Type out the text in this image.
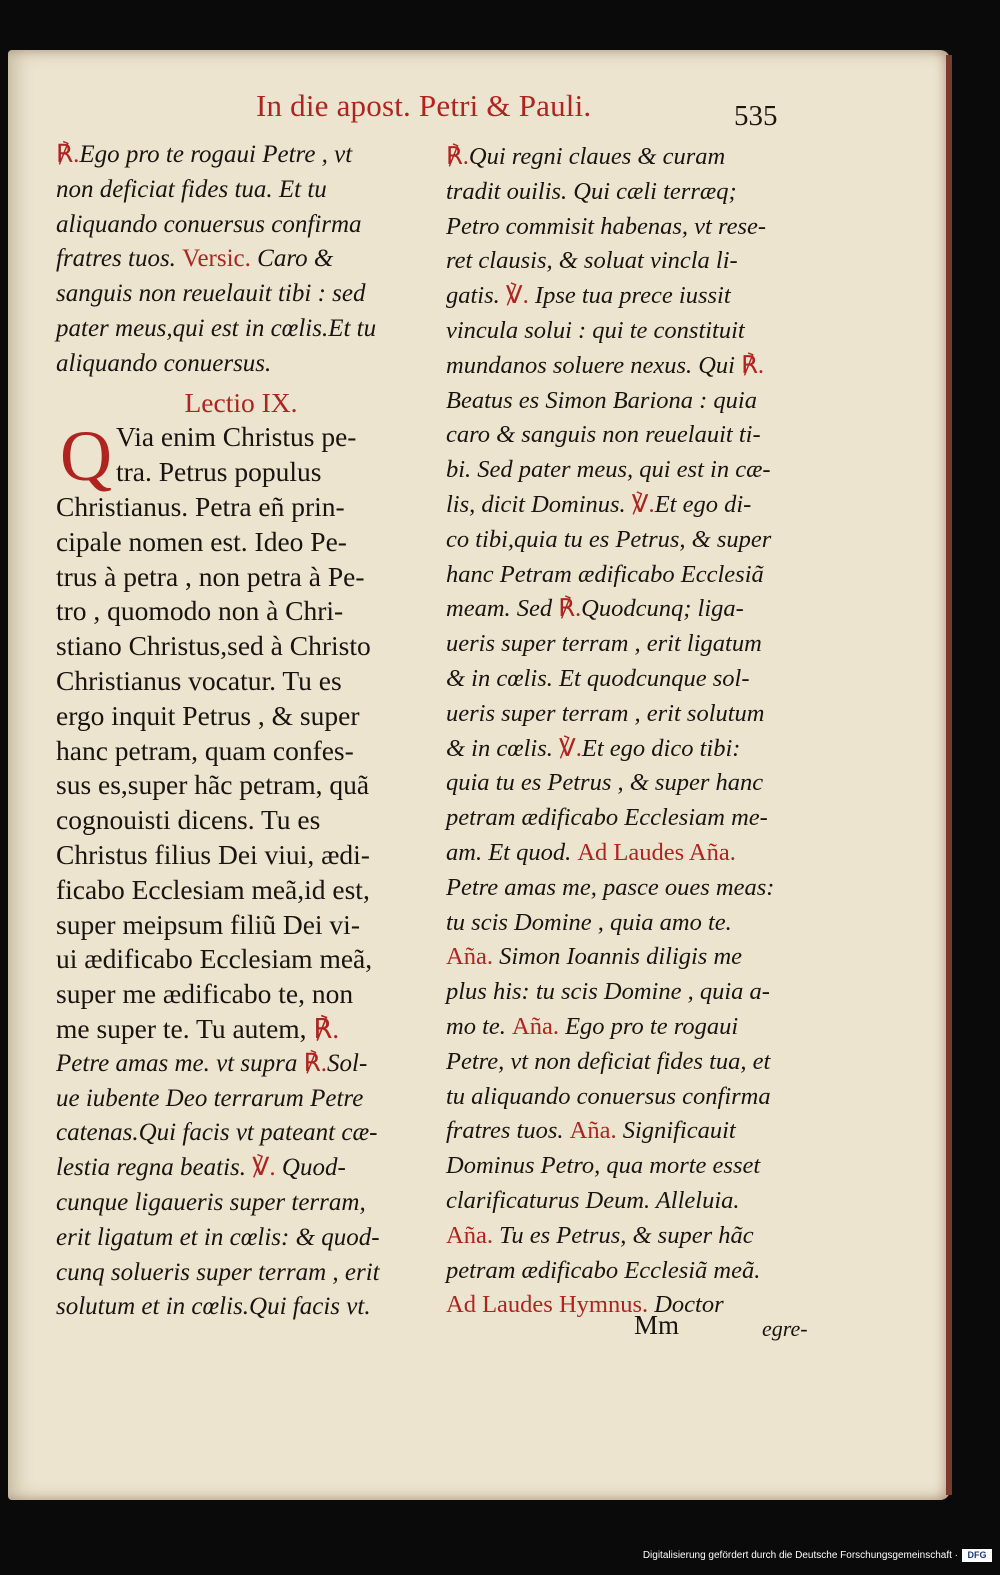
In die apost. Petri & Pauli.	535
℟.Ego pro te rogaui Petre , vt
non deficiat fides tua. Et tu
aliquando conuersus confirma
fratres tuos. Versic. Caro &
sanguis non reuelauit tibi : sed
pater meus,qui est in cœlis.Et tu
aliquando conuersus.
Lectio IX.
Q Via enim Christus pe-
tra. Petrus populus
Christianus. Petra eñ prin-
cipale nomen est. Ideo Pe-
trus à petra , non petra à Pe-
tro , quomodo non à Chri-
stiano Christus,sed à Christo
Christianus vocatur. Tu es
ergo inquit Petrus , & super
hanc petram, quam confes-
sus es,super hãc petram, quã
cognouisti dicens. Tu es
Christus filius Dei viui, ædi-
ficabo Ecclesiam meã,id est,
super meipsum filiũ Dei vi-
ui ædificabo Ecclesiam meã,
super me ædificabo te, non
me super te. Tu autem, ℟.
Petre amas me. vt supra ℟.Sol-
ue iubente Deo terrarum Petre
catenas.Qui facis vt pateant cæ-
lestia regna beatis. ℣. Quod-
cunque ligaueris super terram,
erit ligatum et in cœlis: & quod-
cunq solueris super terram , erit
solutum et in cœlis.Qui facis vt.
℟.Qui regni claues & curam
tradit ouilis. Qui cæli terræq;
Petro commisit habenas, vt rese-
ret clausis, & soluat vincla li-
gatis. ℣. Ipse tua prece iussit
vincula solui : qui te constituit
mundanos soluere nexus. Qui ℟.
Beatus es Simon Bariona : quia
caro & sanguis non reuelauit ti-
bi. Sed pater meus, qui est in cæ-
lis, dicit Dominus. ℣.Et ego di-
co tibi,quia tu es Petrus, & super
hanc Petram ædificabo Ecclesiã
meam. Sed ℟.Quodcunq; liga-
ueris super terram , erit ligatum
& in cœlis. Et quodcunque sol-
ueris super terram , erit solutum
& in cœlis. ℣.Et ego dico tibi:
quia tu es Petrus , & super hanc
petram ædificabo Ecclesiam me-
am. Et quod. Ad Laudes Aña.
Petre amas me, pasce oues meas:
tu scis Domine , quia amo te.
Aña. Simon Ioannis diligis me
plus his: tu scis Domine , quia a-
mo te. Aña. Ego pro te rogaui
Petre, vt non deficiat fides tua, et
tu aliquando conuersus confirma
fratres tuos. Aña. Significauit
Dominus Petro, qua morte esset
clarificaturus Deum. Alleluia.
Aña. Tu es Petrus, & super hãc
petram ædificabo Ecclesiã meã.
Ad Laudes Hymnus. Doctor
Mm	egre-
Digitalisierung gefördert durch die Deutsche Forschungsgemeinschaft ·	DFG
